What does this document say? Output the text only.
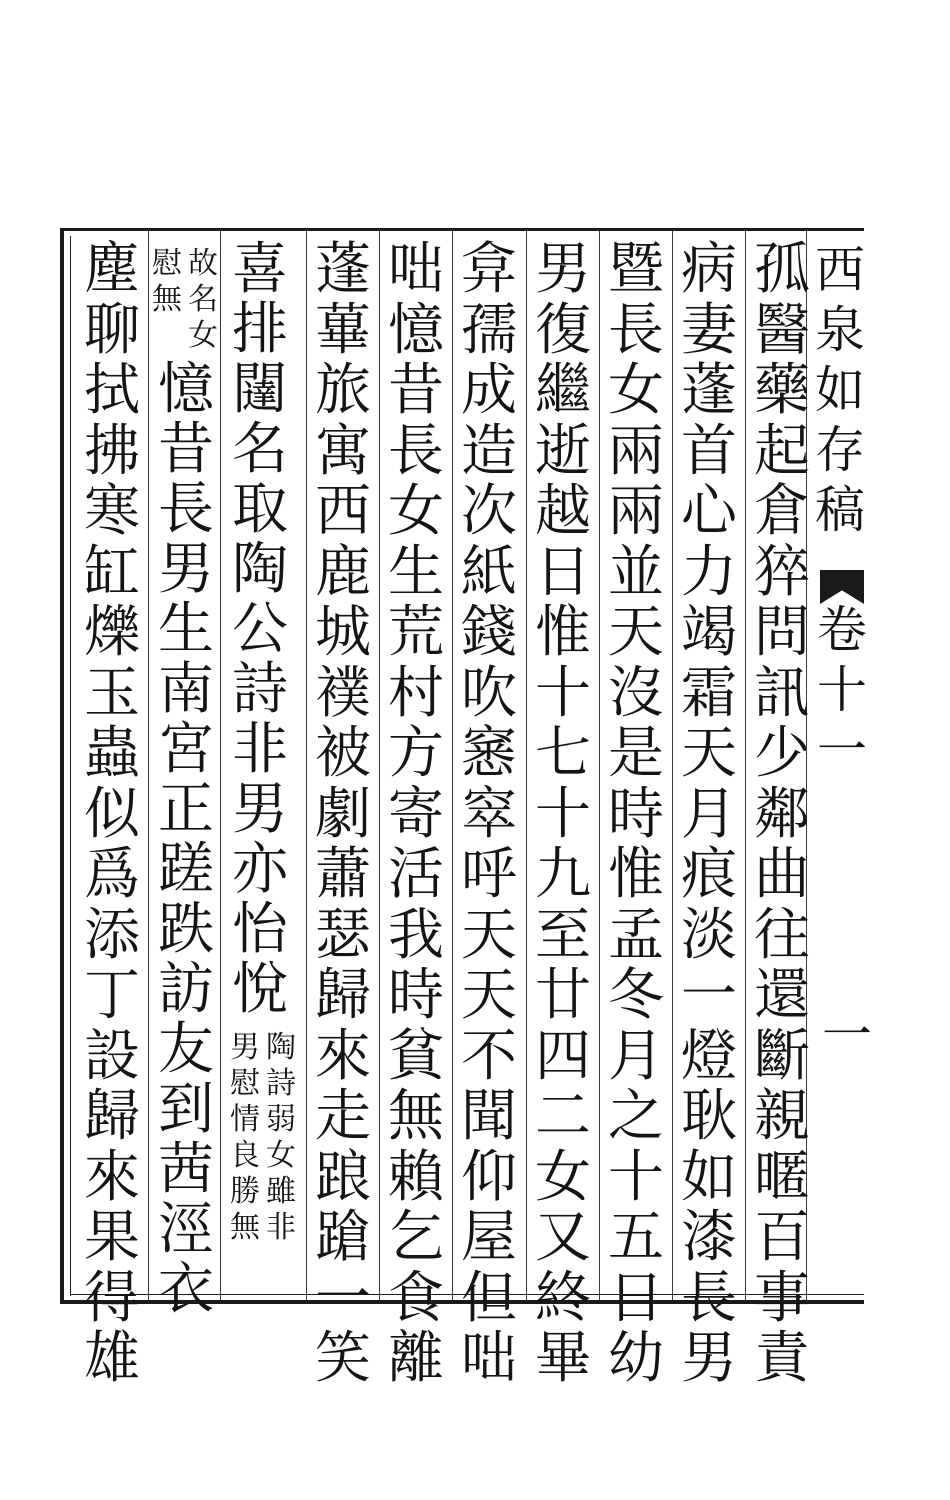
西
泉
如
存
稿
卷
十
一
一
孤
醫
藥
起
倉
猝
問
訊
少
鄰
曲
往
還
斷
親
暱
百
事
責
病
妻
蓬
首
心
力
竭
霜
天
月
痕
淡
一
燈
耿
如
漆
長
男
暨
長
女
兩
兩
並
天
沒
是
時
惟
孟
冬
月
之
十
五
日
幼
男
復
繼
逝
越
日
惟
十
七
十
九
至
廿
四
二
女
又
終
畢
弇
孺
成
造
次
紙
錢
吹
窸
窣
呼
天
天
不
聞
仰
屋
但
咄
咄
憶
昔
長
女
生
荒
村
方
寄
活
我
時
貧
無
賴
乞
食
離
蓬
蓽
旅
寓
西
鹿
城
襆
被
劇
蕭
瑟
歸
來
走
踉
蹌
一
笑
喜
排
闥
名
取
陶
公
詩
非
男
亦
怡
悅
陶
詩
弱
女
雖
非
男
慰
情
良
勝
無
故
名
女
慰
無
憶
昔
長
男
生
南
宮
正
蹉
跌
訪
友
到
茜
涇
衣
塵
聊
拭
拂
寒
缸
爍
玉
蟲
似
爲
添
丁
設
歸
來
果
得
雄
